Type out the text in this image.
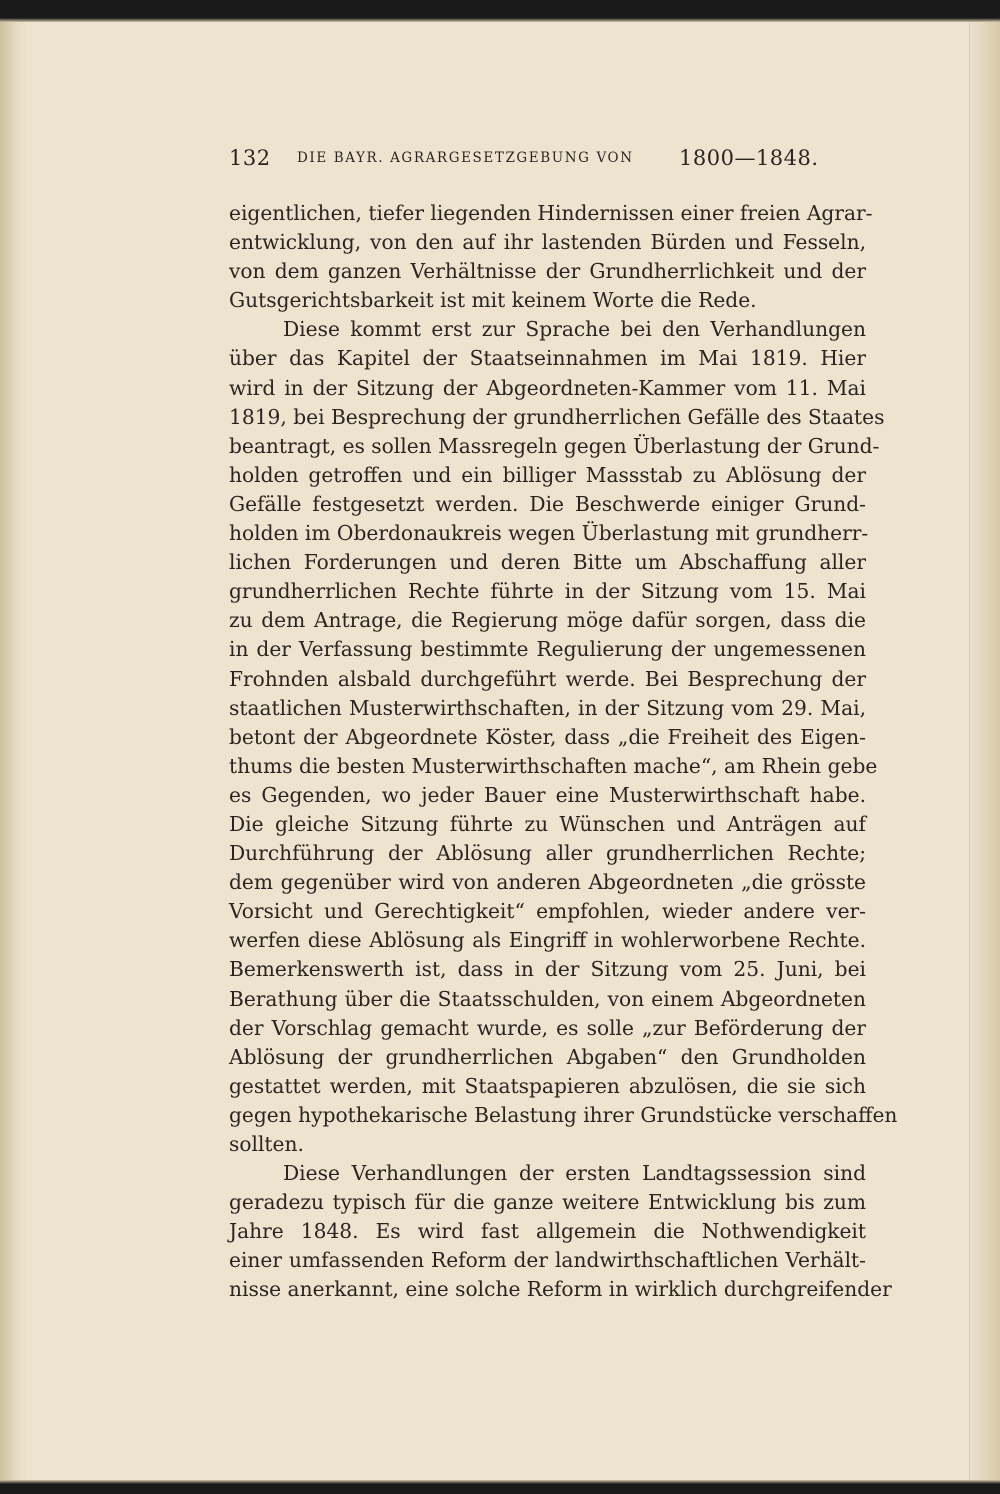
132 DIE BAYR. AGRARGESETZGEBUNG VON 1800—1848.
eigentlichen, tiefer liegenden Hindernissen einer freien Agrar-
entwicklung, von den auf ihr lastenden Bürden und Fesseln,
von dem ganzen Verhältnisse der Grundherrlichkeit und der
Gutsgerichtsbarkeit ist mit keinem Worte die Rede.
Diese kommt erst zur Sprache bei den Verhandlungen
über das Kapitel der Staatseinnahmen im Mai 1819. Hier
wird in der Sitzung der Abgeordneten-Kammer vom 11. Mai
1819, bei Besprechung der grundherrlichen Gefälle des Staates
beantragt, es sollen Massregeln gegen Überlastung der Grund-
holden getroffen und ein billiger Massstab zu Ablösung der
Gefälle festgesetzt werden. Die Beschwerde einiger Grund-
holden im Oberdonaukreis wegen Überlastung mit grundherr-
lichen Forderungen und deren Bitte um Abschaffung aller
grundherrlichen Rechte führte in der Sitzung vom 15. Mai
zu dem Antrage, die Regierung möge dafür sorgen, dass die
in der Verfassung bestimmte Regulierung der ungemessenen
Frohnden alsbald durchgeführt werde. Bei Besprechung der
staatlichen Musterwirthschaften, in der Sitzung vom 29. Mai,
betont der Abgeordnete Köster, dass „die Freiheit des Eigen-
thums die besten Musterwirthschaften mache“, am Rhein gebe
es Gegenden, wo jeder Bauer eine Musterwirthschaft habe.
Die gleiche Sitzung führte zu Wünschen und Anträgen auf
Durchführung der Ablösung aller grundherrlichen Rechte;
dem gegenüber wird von anderen Abgeordneten „die grösste
Vorsicht und Gerechtigkeit“ empfohlen, wieder andere ver-
werfen diese Ablösung als Eingriff in wohlerworbene Rechte.
Bemerkenswerth ist, dass in der Sitzung vom 25. Juni, bei
Berathung über die Staatsschulden, von einem Abgeordneten
der Vorschlag gemacht wurde, es solle „zur Beförderung der
Ablösung der grundherrlichen Abgaben“ den Grundholden
gestattet werden, mit Staatspapieren abzulösen, die sie sich
gegen hypothekarische Belastung ihrer Grundstücke verschaffen
sollten.
Diese Verhandlungen der ersten Landtagssession sind
geradezu typisch für die ganze weitere Entwicklung bis zum
Jahre 1848. Es wird fast allgemein die Nothwendigkeit
einer umfassenden Reform der landwirthschaftlichen Verhält-
nisse anerkannt, eine solche Reform in wirklich durchgreifender
